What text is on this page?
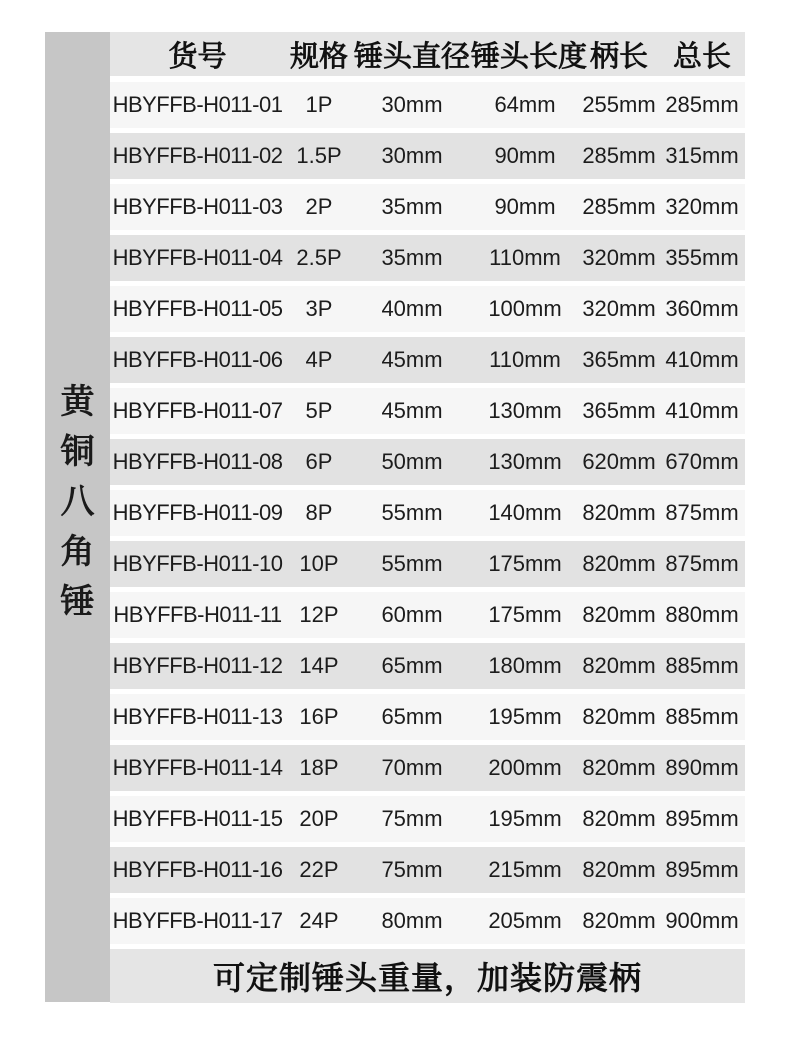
黄
铜
八
角
锤
货号	规格 锤头直径 锤头长度 柄长 总长
HBYFFB-H011-01	1P	30mm	64mm	255mm 285mm
HBYFFB-H011-02 1.5P	30mm	90mm	285mm 315mm
HBYFFB-H011-03	2P	35mm	90mm	285mm 320mm
HBYFFB-H011-04 2.5P	35mm	110mm 320mm 355mm
HBYFFB-H011-05	3P	40mm	100mm 320mm 360mm
HBYFFB-H011-06	4P	45mm	110mm 365mm 410mm
HBYFFB-H011-07	5P	45mm	130mm 365mm 410mm
HBYFFB-H011-08	6P	50mm	130mm 620mm 670mm
HBYFFB-H011-09	8P	55mm	140mm 820mm 875mm
HBYFFB-H011-10 10P	55mm	175mm 820mm 875mm
HBYFFB-H011-11 12P	60mm	175mm 820mm 880mm
HBYFFB-H011-12 14P	65mm	180mm 820mm 885mm
HBYFFB-H011-13 16P	65mm	195mm 820mm 885mm
HBYFFB-H011-14 18P	70mm	200mm 820mm 890mm
HBYFFB-H011-15 20P	75mm	195mm 820mm 895mm
HBYFFB-H011-16 22P	75mm	215mm 820mm 895mm
HBYFFB-H011-17 24P	80mm	205mm 820mm 900mm
可定制锤头重量，加装防震柄
